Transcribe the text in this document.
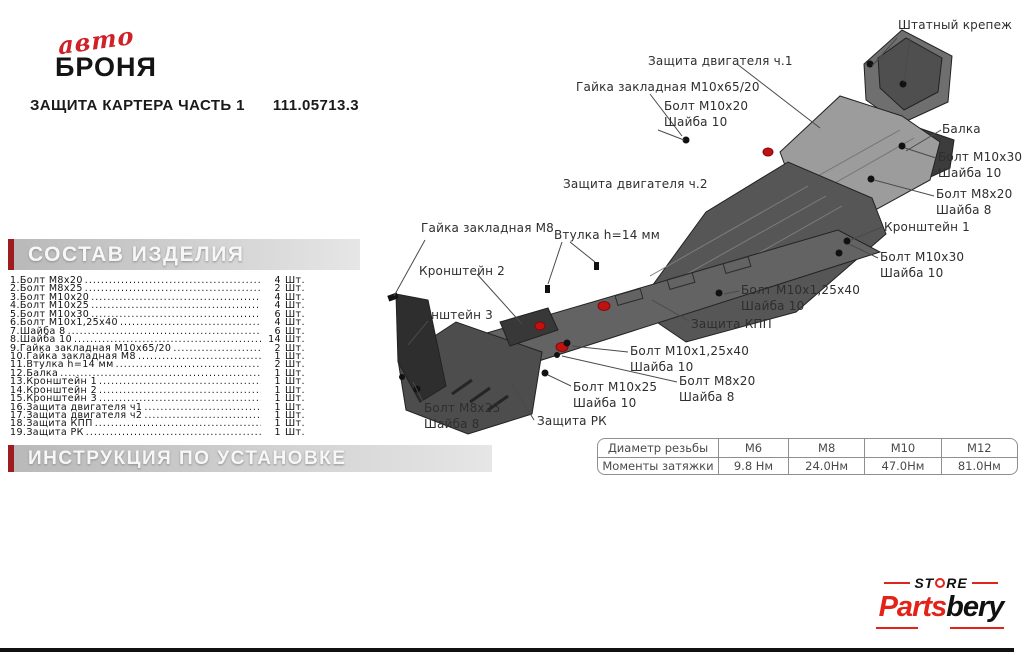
авто
БРОНЯ
ЗАЩИТА КАРТЕРА ЧАСТЬ 1 111.05713.3
Штатный крепеж
Защита двигателя ч.1
Гайка закладная М10х65/20
Болт М10х20
Шайба 10
Защита двигателя ч.2
Балка
Болт М10х30
Шайба 10
Болт М8х20
Шайба 8
Кронштейн 1
Болт М10х30
Шайба 10
Гайка закладная М8 Втулка h=14 мм
Кронштейн 2
Болт М10х1,25х40
Шайба 10
Кронштейн 3
Защита КПП
Болт М10х1,25х40
Шайба 10
Болт М10х25
Шайба 10
Болт М8х20
Шайба 8
Болт М8х25
Шайба 8	Защита РК
СОСТАВ ИЗДЕЛИЯ
1. Болт М8х20 .....	4 Шт.
2. Болт М8х25 .....	2 Шт.
3. Болт М10х20 .....	4 Шт.
4. Болт М10х25 .....	4 Шт.
5. Болт М10х30 .....	6 Шт.
6. Болт М10х1,25х40 .....	4 Шт.
7. Шайба 8 .....	6 Шт.
8. Шайба 10 .....	14 Шт.
9. Гайка закладная М10х65/20 .....	2 Шт.
10. Гайка закладная М8 .....	1 Шт.
11. Втулка h=14 мм .....	2 Шт.
12. Балка .....	1 Шт.
13. Кронштейн 1 .....	1 Шт.
14. Кронштейн 2 .....	1 Шт.
15. Кронштейн 3 .....	1 Шт.
16. Защита двигателя ч1 .....	1 Шт.
17. Защита двигателя ч2 .....	1 Шт.
18. Защита КПП .....	1 Шт.
19. Защита РК .....	1 Шт.
Диаметр резьбы	М6	М8	М10	М12
Моменты затяжки	9.8 Нм	24.0Нм	47.0Нм	81.0Нм
ИНСТРУКЦИЯ ПО УСТАНОВКЕ

ST RE
Partsbery
